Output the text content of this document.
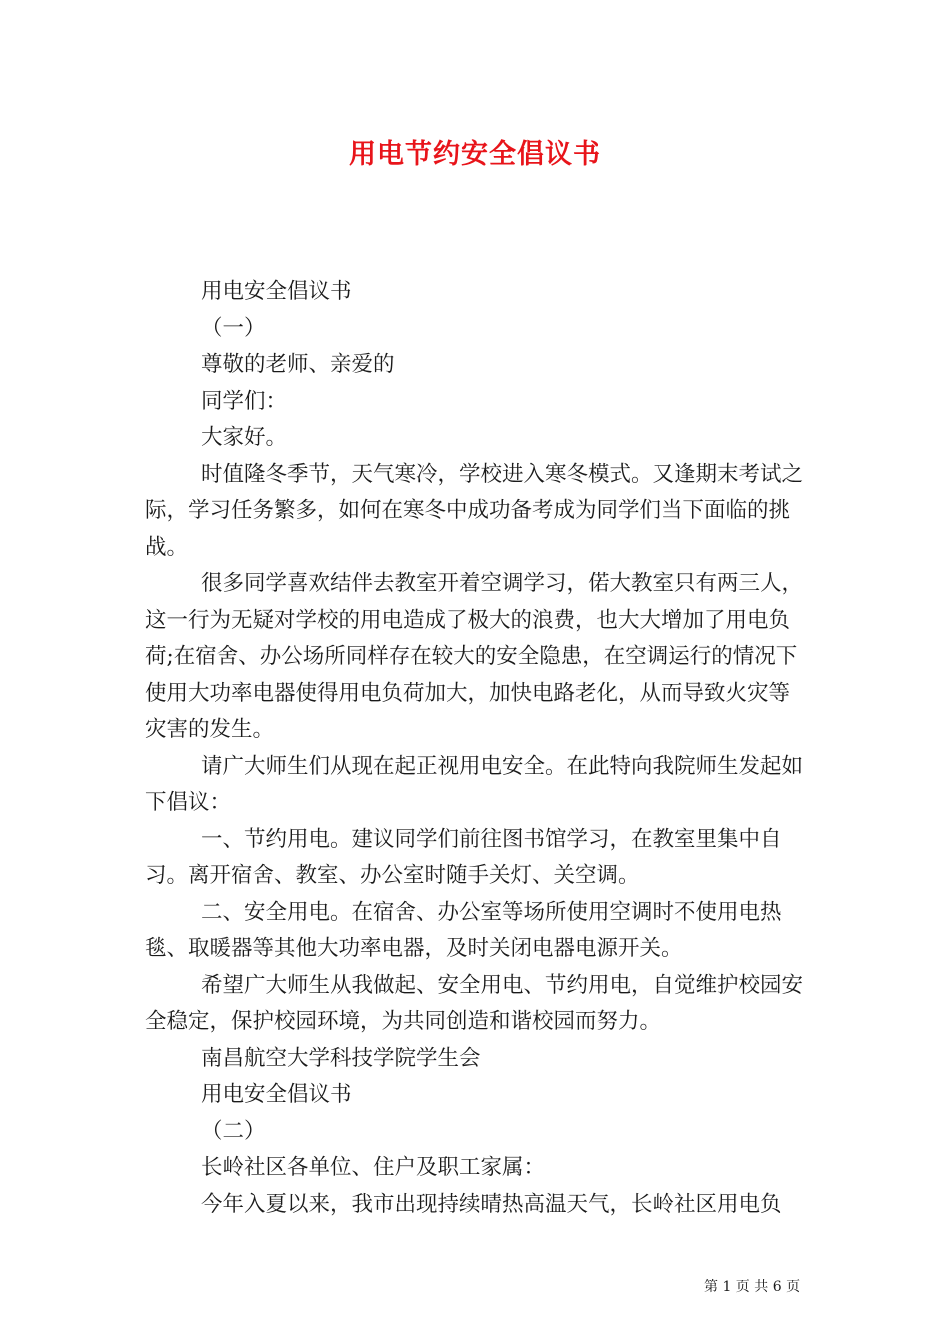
用电节约安全倡议书

用电安全倡议书

（一）

尊敬的老师、亲爱的

同学们：

大家好。

时值隆冬季节，天气寒冷，学校进入寒冬模式。又逢期末考试之际，学习任务繁多，如何在寒冬中成功备考成为同学们当下面临的挑战。

很多同学喜欢结伴去教室开着空调学习，偌大教室只有两三人，这一行为无疑对学校的用电造成了极大的浪费，也大大增加了用电负荷;在宿舍、办公场所同样存在较大的安全隐患，在空调运行的情况下使用大功率电器使得用电负荷加大，加快电路老化，从而导致火灾等灾害的发生。

请广大师生们从现在起正视用电安全。在此特向我院师生发起如下倡议：

一、节约用电。建议同学们前往图书馆学习，在教室里集中自习。离开宿舍、教室、办公室时随手关灯、关空调。

二、安全用电。在宿舍、办公室等场所使用空调时不使用电热毯、取暖器等其他大功率电器，及时关闭电器电源开关。

希望广大师生从我做起、安全用电、节约用电，自觉维护校园安全稳定，保护校园环境，为共同创造和谐校园而努力。

南昌航空大学科技学院学生会

用电安全倡议书

（二）

长岭社区各单位、住户及职工家属：

今年入夏以来，我市出现持续晴热高温天气，长岭社区用电负

第 1 页 共 6 页
